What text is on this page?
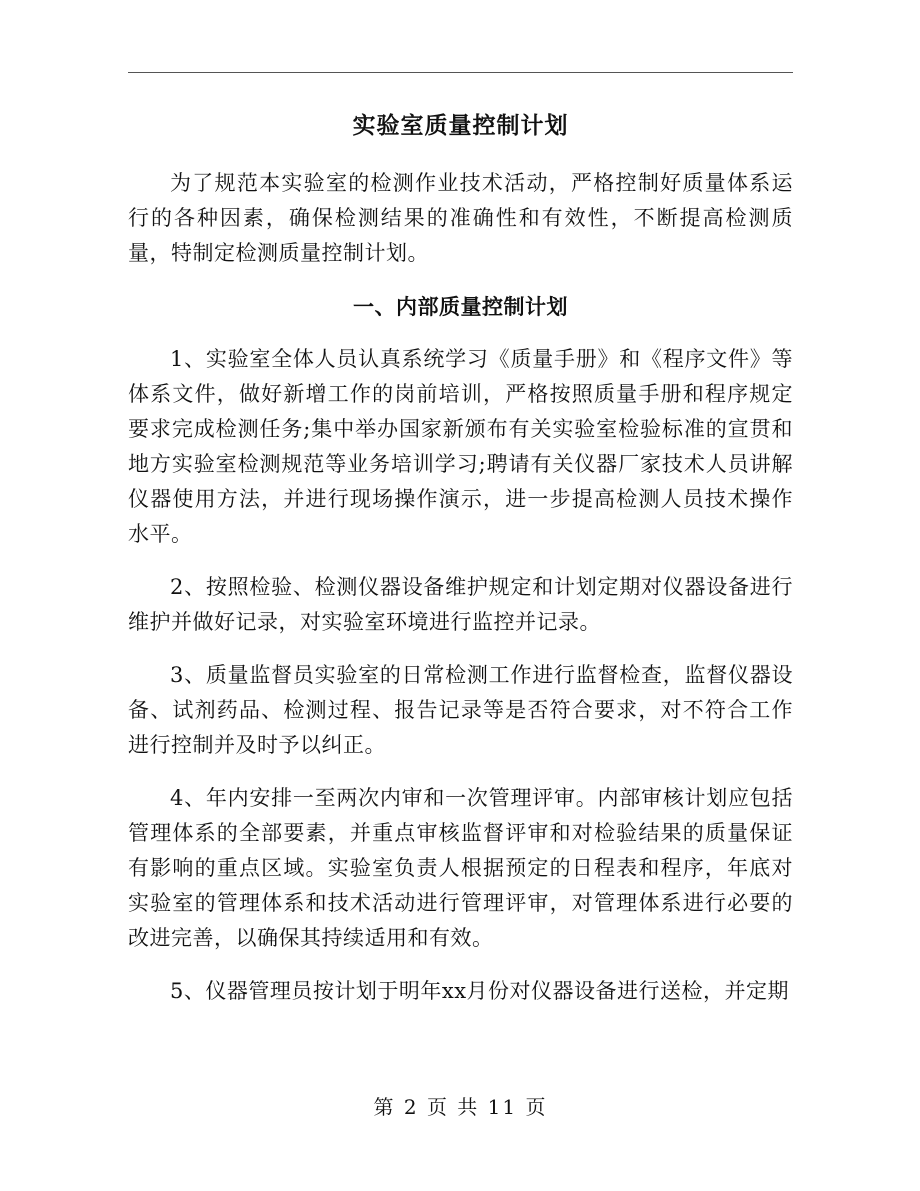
实验室质量控制计划

为了规范本实验室的检测作业技术活动，严格控制好质量体系运行的各种因素，确保检测结果的准确性和有效性，不断提高检测质量，特制定检测质量控制计划。

一、内部质量控制计划

1、实验室全体人员认真系统学习《质量手册》和《程序文件》等体系文件，做好新增工作的岗前培训，严格按照质量手册和程序规定要求完成检测任务;集中举办国家新颁布有关实验室检验标准的宣贯和地方实验室检测规范等业务培训学习;聘请有关仪器厂家技术人员讲解仪器使用方法，并进行现场操作演示，进一步提高检测人员技术操作水平。

2、按照检验、检测仪器设备维护规定和计划定期对仪器设备进行维护并做好记录，对实验室环境进行监控并记录。

3、质量监督员实验室的日常检测工作进行监督检查，监督仪器设备、试剂药品、检测过程、报告记录等是否符合要求，对不符合工作进行控制并及时予以纠正。

4、年内安排一至两次内审和一次管理评审。内部审核计划应包括管理体系的全部要素，并重点审核监督评审和对检验结果的质量保证有影响的重点区域。实验室负责人根据预定的日程表和程序，年底对实验室的管理体系和技术活动进行管理评审，对管理体系进行必要的改进完善，以确保其持续适用和有效。

5、仪器管理员按计划于明年xx月份对仪器设备进行送检，并定期

第 2 页 共 11 页
